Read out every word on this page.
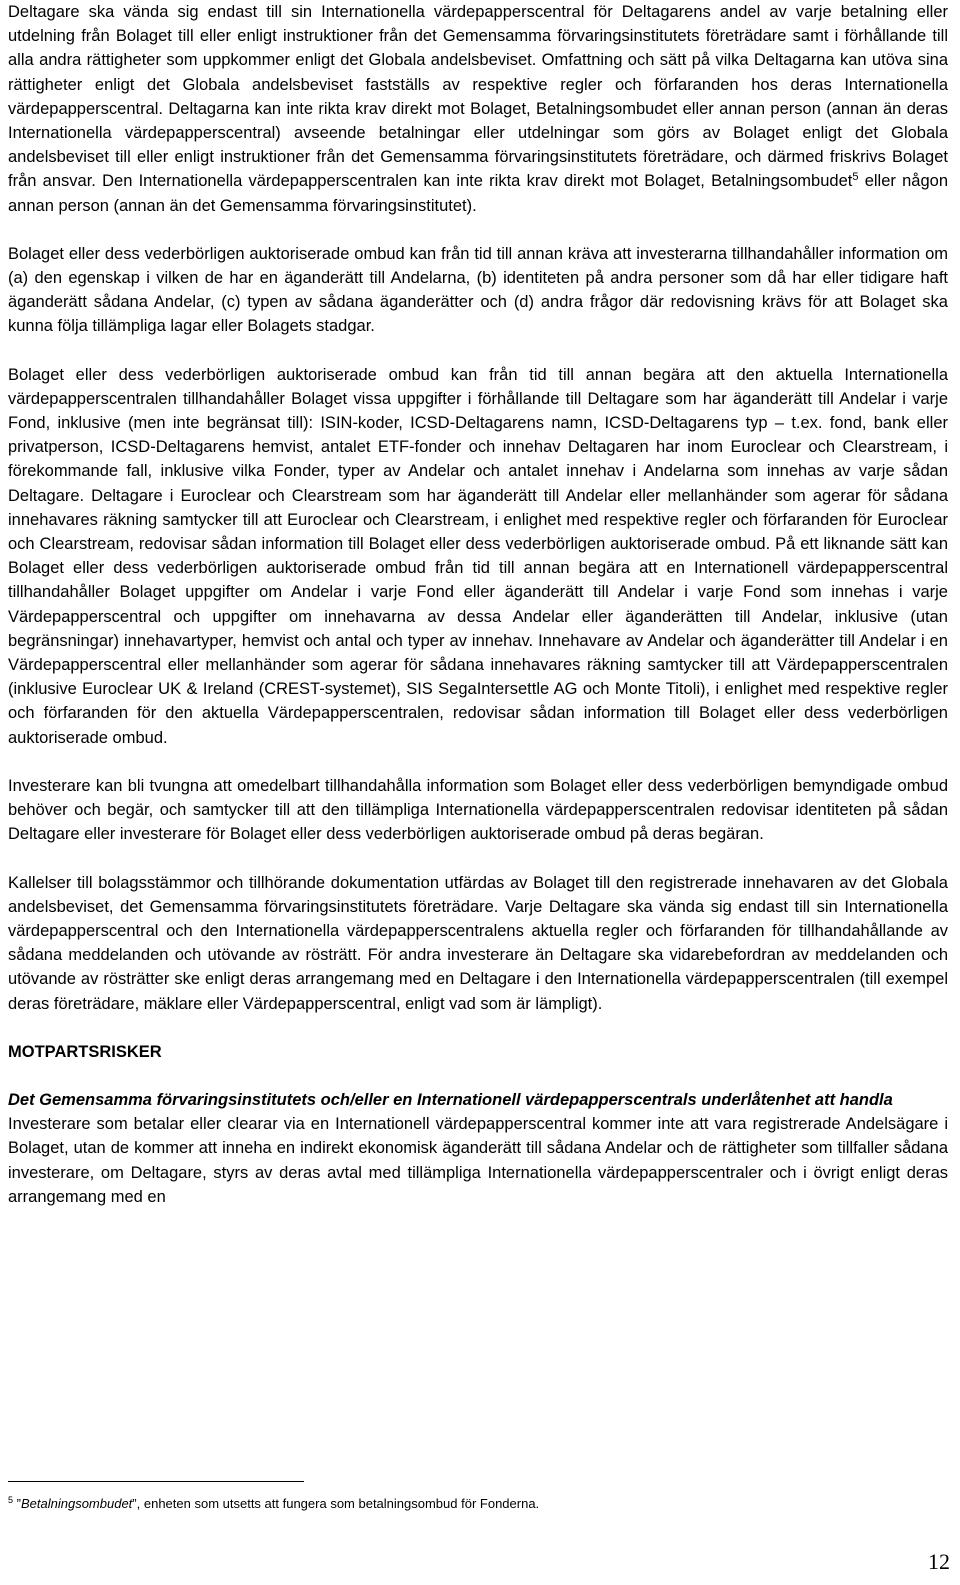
Deltagare ska vända sig endast till sin Internationella värdepapperscentral för Deltagarens andel av varje betalning eller utdelning från Bolaget till eller enligt instruktioner från det Gemensamma förvaringsinstitutets företrädare samt i förhållande till alla andra rättigheter som uppkommer enligt det Globala andelsbeviset. Omfattning och sätt på vilka Deltagarna kan utöva sina rättigheter enligt det Globala andelsbeviset fastställs av respektive regler och förfaranden hos deras Internationella värdepapperscentral. Deltagarna kan inte rikta krav direkt mot Bolaget, Betalningsombudet eller annan person (annan än deras Internationella värdepapperscentral) avseende betalningar eller utdelningar som görs av Bolaget enligt det Globala andelsbeviset till eller enligt instruktioner från det Gemensamma förvaringsinstitutets företrädare, och därmed friskrivs Bolaget från ansvar. Den Internationella värdepapperscentralen kan inte rikta krav direkt mot Bolaget, Betalningsombudet$^5$ eller någon annan person (annan än det Gemensamma förvaringsinstitutet).

Bolaget eller dess vederbörligen auktoriserade ombud kan från tid till annan kräva att investerarna tillhandahåller information om (a) den egenskap i vilken de har en äganderätt till Andelarna, (b) identiteten på andra personer som då har eller tidigare haft äganderätt sådana Andelar, (c) typen av sådana äganderätter och (d) andra frågor där redovisning krävs för att Bolaget ska kunna följa tillämpliga lagar eller Bolagets stadgar.

Bolaget eller dess vederbörligen auktoriserade ombud kan från tid till annan begära att den aktuella Internationella värdepapperscentralen tillhandahåller Bolaget vissa uppgifter i förhållande till Deltagare som har äganderätt till Andelar i varje Fond, inklusive (men inte begränsat till): ISIN-koder, ICSD-Deltagarens namn, ICSD-Deltagarens typ – t.ex. fond, bank eller privatperson, ICSD-Deltagarens hemvist, antalet ETF-fonder och innehav Deltagaren har inom Euroclear och Clearstream, i förekommande fall, inklusive vilka Fonder, typer av Andelar och antalet innehav i Andelarna som innehas av varje sådan Deltagare. Deltagare i Euroclear och Clearstream som har äganderätt till Andelar eller mellanhänder som agerar för sådana innehavares räkning samtycker till att Euroclear och Clearstream, i enlighet med respektive regler och förfaranden för Euroclear och Clearstream, redovisar sådan information till Bolaget eller dess vederbörligen auktoriserade ombud. På ett liknande sätt kan Bolaget eller dess vederbörligen auktoriserade ombud från tid till annan begära att en Internationell värdepapperscentral tillhandahåller Bolaget uppgifter om Andelar i varje Fond eller äganderätt till Andelar i varje Fond som innehas i varje Värdepapperscentral och uppgifter om innehavarna av dessa Andelar eller äganderätten till Andelar, inklusive (utan begränsningar) innehavartyper, hemvist och antal och typer av innehav. Innehavare av Andelar och äganderätter till Andelar i en Värdepapperscentral eller mellanhänder som agerar för sådana innehavares räkning samtycker till att Värdepapperscentralen (inklusive Euroclear UK & Ireland (CREST-systemet), SIS SegaIntersettle AG och Monte Titoli), i enlighet med respektive regler och förfaranden för den aktuella Värdepapperscentralen, redovisar sådan information till Bolaget eller dess vederbörligen auktoriserade ombud.

Investerare kan bli tvungna att omedelbart tillhandahålla information som Bolaget eller dess vederbörligen bemyndigade ombud behöver och begär, och samtycker till att den tillämpliga Internationella värdepapperscentralen redovisar identiteten på sådan Deltagare eller investerare för Bolaget eller dess vederbörligen auktoriserade ombud på deras begäran.

Kallelser till bolagsstämmor och tillhörande dokumentation utfärdas av Bolaget till den registrerade innehavaren av det Globala andelsbeviset, det Gemensamma förvaringsinstitutets företrädare. Varje Deltagare ska vända sig endast till sin Internationella värdepapperscentral och den Internationella värdepapperscentralens aktuella regler och förfaranden för tillhandahållande av sådana meddelanden och utövande av rösträtt. För andra investerare än Deltagare ska vidarebefordran av meddelanden och utövande av rösträtter ske enligt deras arrangemang med en Deltagare i den Internationella värdepapperscentralen (till exempel deras företrädare, mäklare eller Värdepapperscentral, enligt vad som är lämpligt).

MOTPARTSRISKER

Det Gemensamma förvaringsinstitutets och/eller en Internationell värdepapperscentrals underlåtenhet att handla

Investerare som betalar eller clearar via en Internationell värdepapperscentral kommer inte att vara registrerade Andelsägare i Bolaget, utan de kommer att inneha en indirekt ekonomisk äganderätt till sådana Andelar och de rättigheter som tillfaller sådana investerare, om Deltagare, styrs av deras avtal med tillämpliga Internationella värdepapperscentraler och i övrigt enligt deras arrangemang med en

$^5$ ”Betalningsombudet”, enheten som utsetts att fungera som betalningsombud för Fonderna.
12
